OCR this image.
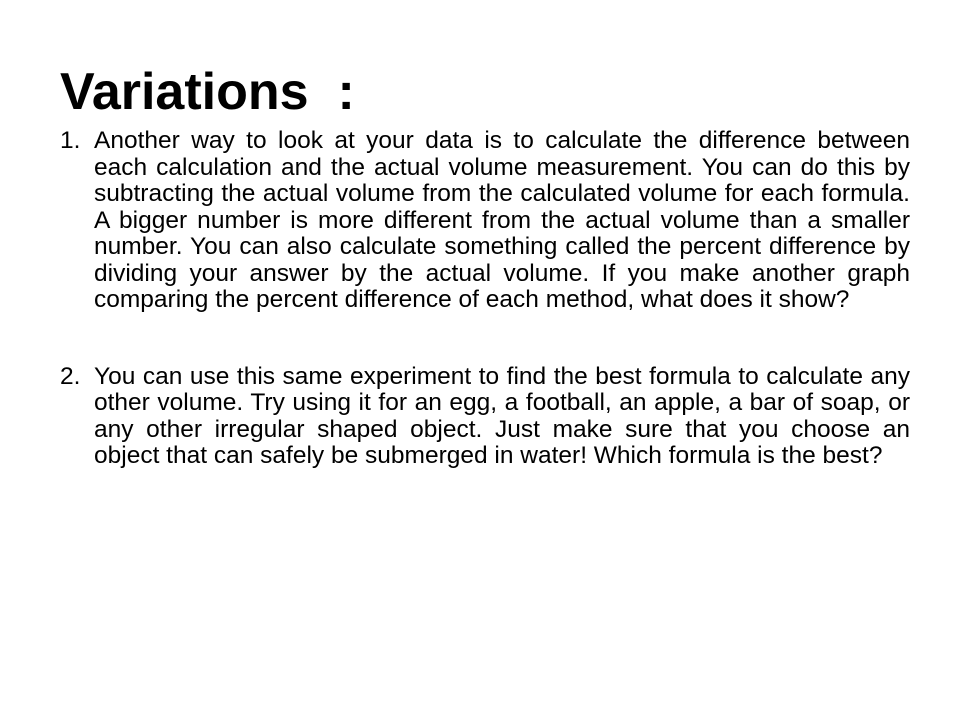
Variations  :
1. Another way to look at your data is to calculate the difference between each calculation and the actual volume measurement. You can do this by subtracting the actual volume from the calculated volume for each formula. A bigger number is more different from the actual volume than a smaller number. You can also calculate something called the percent difference by dividing your answer by the actual volume. If you make another graph comparing the percent difference of each method, what does it show?
2. You can use this same experiment to find the best formula to calculate any other volume. Try using it for an egg, a football, an apple, a bar of soap, or any other irregular shaped object. Just make sure that you choose an object that can safely be submerged in water! Which formula is the best?
